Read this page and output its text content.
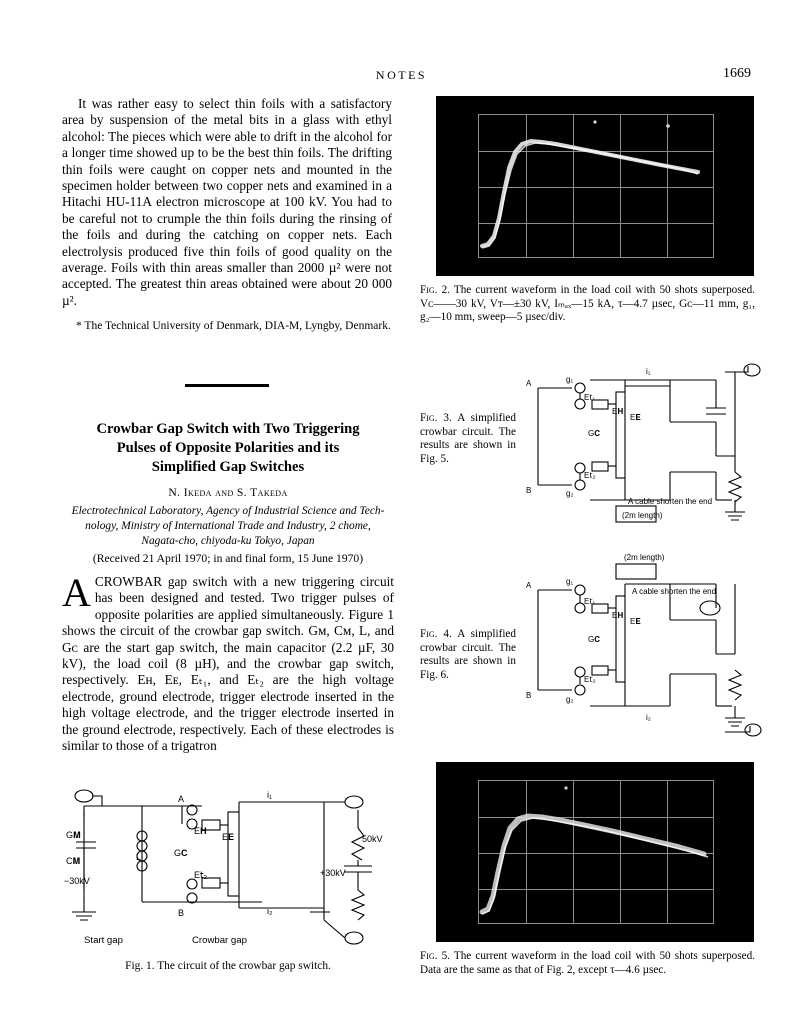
NOTES	1669

It was rather easy to select thin foils with a satisfactory area by suspension of the metal bits in a glass with ethyl alcohol: The pieces which were able to drift in the alcohol for a longer time showed up to be the best thin foils. The drifting thin foils were caught on copper nets and mounted in the specimen holder between two copper nets and examined in a Hitachi HU-11A electron microscope at 100 kV. You had to be careful not to crumple the thin foils during the rinsing of the foils and during the catching on copper nets. Each electrolysis produced five thin foils of good quality on the average. Foils with thin areas smaller than 2000 µ² were not accepted. The greatest thin areas obtained were about 20 000 µ².

* The Technical University of Denmark, DIA-M, Lyngby, Denmark.

Crowbar Gap Switch with Two Triggering
Pulses of Opposite Polarities and its
Simplified Gap Switches
N. Ikeda and S. Takeda
Electrotechnical Laboratory, Agency of Industrial Science and Tech-
nology, Ministry of International Trade and Industry, 2 chome,
Nagata-cho, chiyoda-ku Tokyo, Japan
(Received 21 April 1970; in and final form, 15 June 1970)

ACROWBAR gap switch with a new triggering circuit has been designed and tested. Two trigger pulses of opposite polarities are applied simultaneously. Figure 1 shows the circuit of the crowbar gap switch. Gᴍ, Cᴍ, L, and Gᴄ are the start gap switch, the main capacitor (2.2 µF, 30 kV), the load coil (8 µH), and the crowbar gap switch, respectively. Eʜ, Eᴇ, Eₜ₁, and Eₜ₂ are the high voltage electrode, ground electrode, trigger electrode inserted in the high voltage electrode, and the trigger electrode inserted in the ground electrode, respectively. Each of these electrodes is similar to those of a trigatron

Fig. 2. The current waveform in the load coil with 50 shots superposed. Vᴄ——30 kV, Vᴛ—±30 kV, Iₘₐₓ—15 kA, τ—4.7 µsec, Gᴄ—11 mm, g₁, g₂—10 mm, sweep—5 µsec/div.
Fig. 3. A simplified crowbar circuit. The results are shown in Fig. 5.
i₁
A
B
g₁
g₂
E𝗍₁
E𝗍₂
E𝐇
E𝐄
G𝐂
A cable shorten the end
(2m length)
Fig. 4. A simplified crowbar circuit. The results are shown in Fig. 6.
(2m length)
A cable shorten the end
A
B
g₁
g₂
E𝗍₁
E𝗍₂
E𝐇
E𝐄
G𝐂
i₂
G𝐌
C𝐌
−30kV
L
A
B
E𝐇
E𝗍₂
E𝐄
G𝐂
i₁
i₂
50kV
+30kV
Start gap	Crowbar gap
Fig. 1. The circuit of the crowbar gap switch.
Fig. 5. The current waveform in the load coil with 50 shots superposed. Data are the same as that of Fig. 2, except τ—4.6 µsec.
